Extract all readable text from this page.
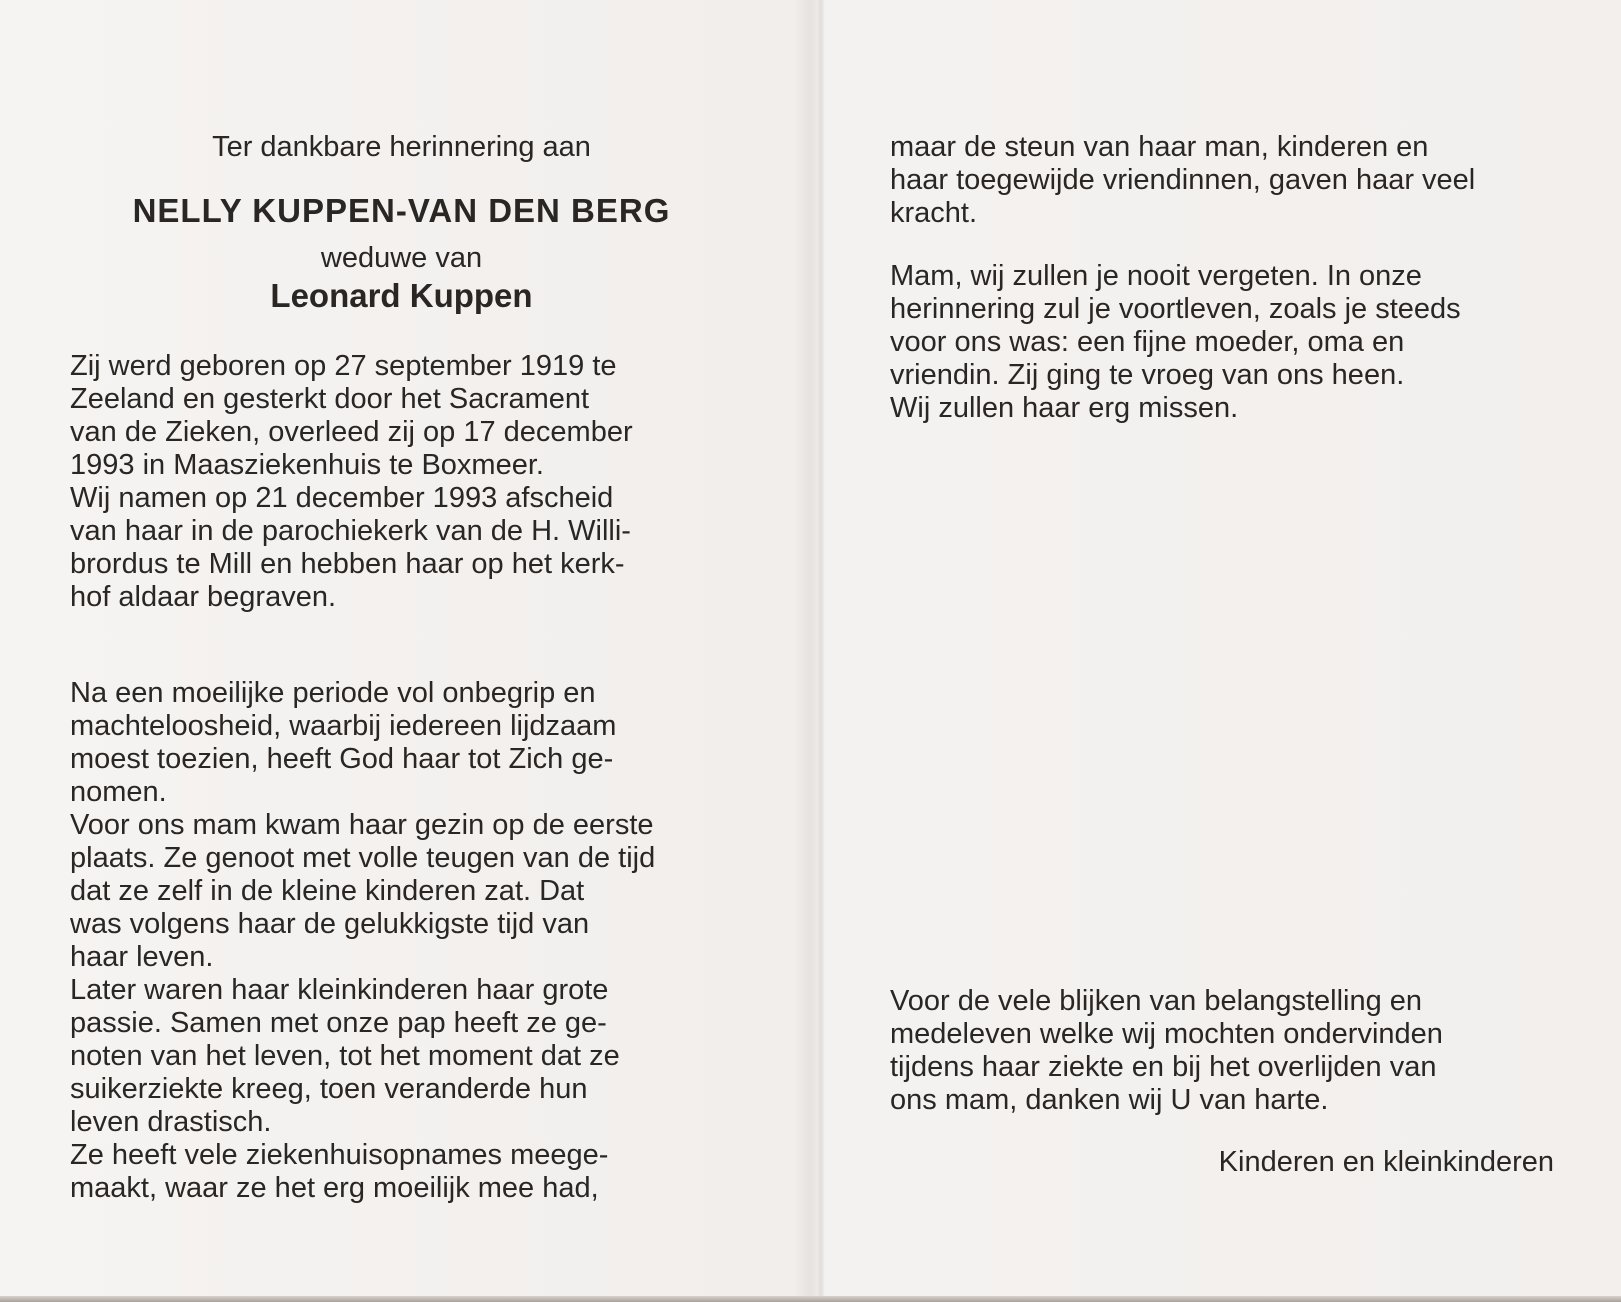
Ter dankbare herinnering aan
NELLY KUPPEN-VAN DEN BERG
weduwe van
Leonard Kuppen
Zij werd geboren op 27 september 1919 te
Zeeland en gesterkt door het Sacrament
van de Zieken, overleed zij op 17 december
1993 in Maasziekenhuis te Boxmeer.
Wij namen op 21 december 1993 afscheid
van haar in de parochiekerk van de H. Willi-
brordus te Mill en hebben haar op het kerk-
hof aldaar begraven.
Na een moeilijke periode vol onbegrip en
machteloosheid, waarbij iedereen lijdzaam
moest toezien, heeft God haar tot Zich ge-
nomen.
Voor ons mam kwam haar gezin op de eerste
plaats. Ze genoot met volle teugen van de tijd
dat ze zelf in de kleine kinderen zat. Dat
was volgens haar de gelukkigste tijd van
haar leven.
Later waren haar kleinkinderen haar grote
passie. Samen met onze pap heeft ze ge-
noten van het leven, tot het moment dat ze
suikerziekte kreeg, toen veranderde hun
leven drastisch.
Ze heeft vele ziekenhuisopnames meege-
maakt, waar ze het erg moeilijk mee had,
maar de steun van haar man, kinderen en
haar toegewijde vriendinnen, gaven haar veel
kracht.
Mam, wij zullen je nooit vergeten. In onze
herinnering zul je voortleven, zoals je steeds
voor ons was: een fijne moeder, oma en
vriendin. Zij ging te vroeg van ons heen.
Wij zullen haar erg missen.
Voor de vele blijken van belangstelling en
medeleven welke wij mochten ondervinden
tijdens haar ziekte en bij het overlijden van
ons mam, danken wij U van harte.
Kinderen en kleinkinderen
